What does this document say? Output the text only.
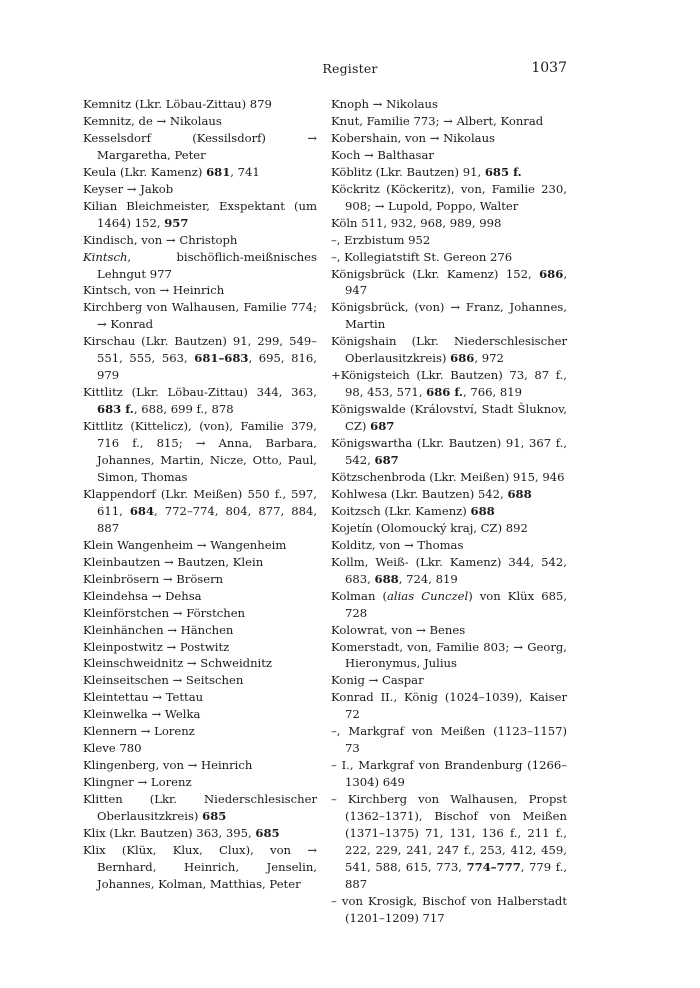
Register	1037
Kemnitz (Lkr. Löbau-Zittau) 879
Kemnitz, de → Nikolaus
Kesselsdorf (Kessilsdorf) → Margaretha, Peter
Keula (Lkr. Kamenz) 681, 741
Keyser → Jakob
Kilian Bleichmeister, Exspektant (um 1464) 152, 957
Kindisch, von → Christoph
Kintsch, bischöflich-meißnisches Lehngut 977
Kintsch, von → Heinrich
Kirchberg von Walhausen, Familie 774; → Konrad
Kirschau (Lkr. Bautzen) 91, 299, 549–551, 555, 563, 681–683, 695, 816, 979
Kittlitz (Lkr. Löbau-Zittau) 344, 363, 683 f., 688, 699 f., 878
Kittlitz (Kittelicz), (von), Familie 379, 716 f., 815; → Anna, Barbara, Johannes, Martin, Nicze, Otto, Paul, Simon, Thomas
Klappendorf (Lkr. Meißen) 550 f., 597, 611, 684, 772–774, 804, 877, 884, 887
Klein Wangenheim → Wangenheim
Kleinbautzen → Bautzen, Klein
Kleinbrösern → Brösern
Kleindehsa → Dehsa
Kleinförstchen → Förstchen
Kleinhänchen → Hänchen
Kleinpostwitz → Postwitz
Kleinschweidnitz → Schweidnitz
Kleinseitschen → Seitschen
Kleintettau → Tettau
Kleinwelka → Welka
Klennern → Lorenz
Kleve 780
Klingenberg, von → Heinrich
Klingner → Lorenz
Klitten (Lkr. Niederschlesischer Oberlausitzkreis) 685
Klix (Lkr. Bautzen) 363, 395, 685
Klix (Klüx, Klux, Clux), von → Bernhard, Heinrich, Jenselin, Johannes, Kolman, Matthias, Peter
Knoph → Nikolaus
Knut, Familie 773; → Albert, Konrad
Kobershain, von → Nikolaus
Koch → Balthasar
Köblitz (Lkr. Bautzen) 91, 685 f.
Köckritz (Köckeritz), von, Familie 230, 908; → Lupold, Poppo, Walter
Köln 511, 932, 968, 989, 998
–, Erzbistum 952
–, Kollegiatstift St. Gereon 276
Königsbrück (Lkr. Kamenz) 152, 686, 947
Königsbrück, (von) → Franz, Johannes, Martin
Königshain (Lkr. Niederschlesischer Oberlausitzkreis) 686, 972
+Königsteich (Lkr. Bautzen) 73, 87 f., 98, 453, 571, 686 f., 766, 819
Königswalde (Království, Stadt Šluknov, CZ) 687
Königswartha (Lkr. Bautzen) 91, 367 f., 542, 687
Kötzschenbroda (Lkr. Meißen) 915, 946
Kohlwesa (Lkr. Bautzen) 542, 688
Koitzsch (Lkr. Kamenz) 688
Kojetín (Olomoucký kraj, CZ) 892
Kolditz, von → Thomas
Kollm, Weiß- (Lkr. Kamenz) 344, 542, 683, 688, 724, 819
Kolman (alias Cunczel) von Klüx 685, 728
Kolowrat, von → Benes
Komerstadt, von, Familie 803; → Georg, Hieronymus, Julius
Konig → Caspar
Konrad II., König (1024–1039), Kaiser 72
–, Markgraf von Meißen (1123–1157) 73
– I., Markgraf von Brandenburg (1266–1304) 649
– Kirchberg von Walhausen, Propst (1362–1371), Bischof von Meißen (1371–1375) 71, 131, 136 f., 211 f., 222, 229, 241, 247 f., 253, 412, 459, 541, 588, 615, 773, 774–777, 779 f., 887
– von Krosigk, Bischof von Halberstadt (1201–1209) 717
